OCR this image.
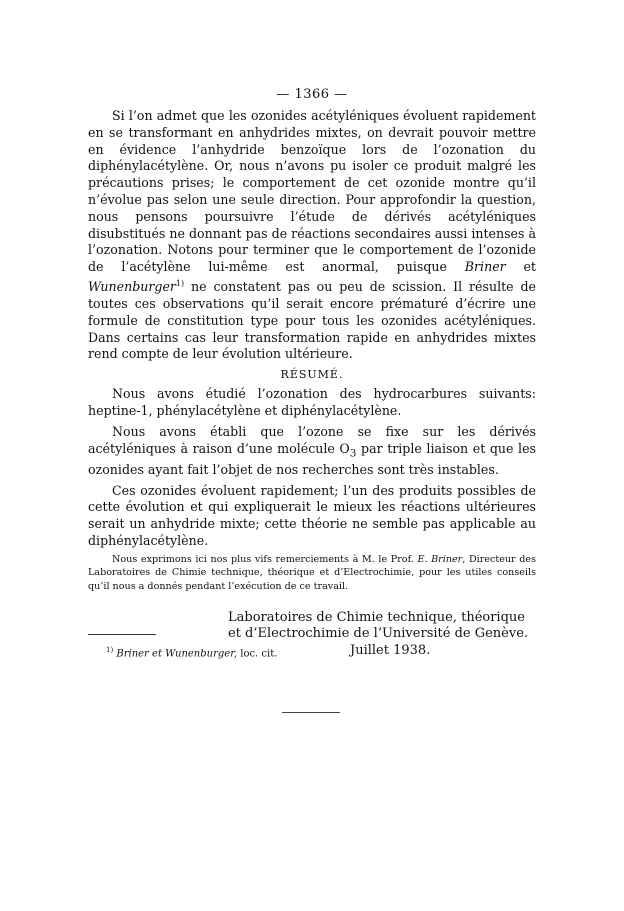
— 1366 —

Si l’on admet que les ozonides acétyléniques évoluent rapidement en se transformant en anhydrides mixtes, on devrait pouvoir mettre en évidence l’anhydride benzoïque lors de l’ozonation du diphénylacétylène. Or, nous n’avons pu isoler ce produit malgré les précautions prises; le comportement de cet ozonide montre qu’il n’évolue pas selon une seule direction. Pour approfondir la question, nous pensons poursuivre l’étude de dérivés acétyléniques disubstitués ne donnant pas de réactions secondaires aussi intenses à l’ozonation. Notons pour terminer que le comportement de l’ozonide de l’acétylène lui-même est anormal, puisque Briner et Wunenburger$^{1)}$ ne constatent pas ou peu de scission. Il résulte de toutes ces observations qu’il serait encore prématuré d’écrire une formule de constitution type pour tous les ozonides acétyléniques. Dans certains cas leur transformation rapide en anhydrides mixtes rend compte de leur évolution ultérieure.

RÉSUMÉ.

Nous avons étudié l’ozonation des hydrocarbures suivants: heptine-1, phénylacétylène et diphénylacétylène.

Nous avons établi que l’ozone se fixe sur les dérivés acétyléniques à raison d’une molécule $O_3$ par triple liaison et que les ozonides ayant fait l’objet de nos recherches sont très instables.

Ces ozonides évoluent rapidement; l’un des produits possibles de cette évolution et qui expliquerait le mieux les réactions ultérieures serait un anhydride mixte; cette théorie ne semble pas applicable au diphénylacétylène.

Nous exprimons ici nos plus vifs remerciements à M. le Prof. E. Briner, Directeur des Laboratoires de Chimie technique, théorique et d’Electrochimie, pour les utiles conseils qu’il nous a donnés pendant l’exécution de ce travail.

Laboratoires de Chimie technique, théorique
et d’Electrochimie de l’Université de Genève.

Juillet 1938.
$^{1)}$ Briner et Wunenburger, loc. cit.
